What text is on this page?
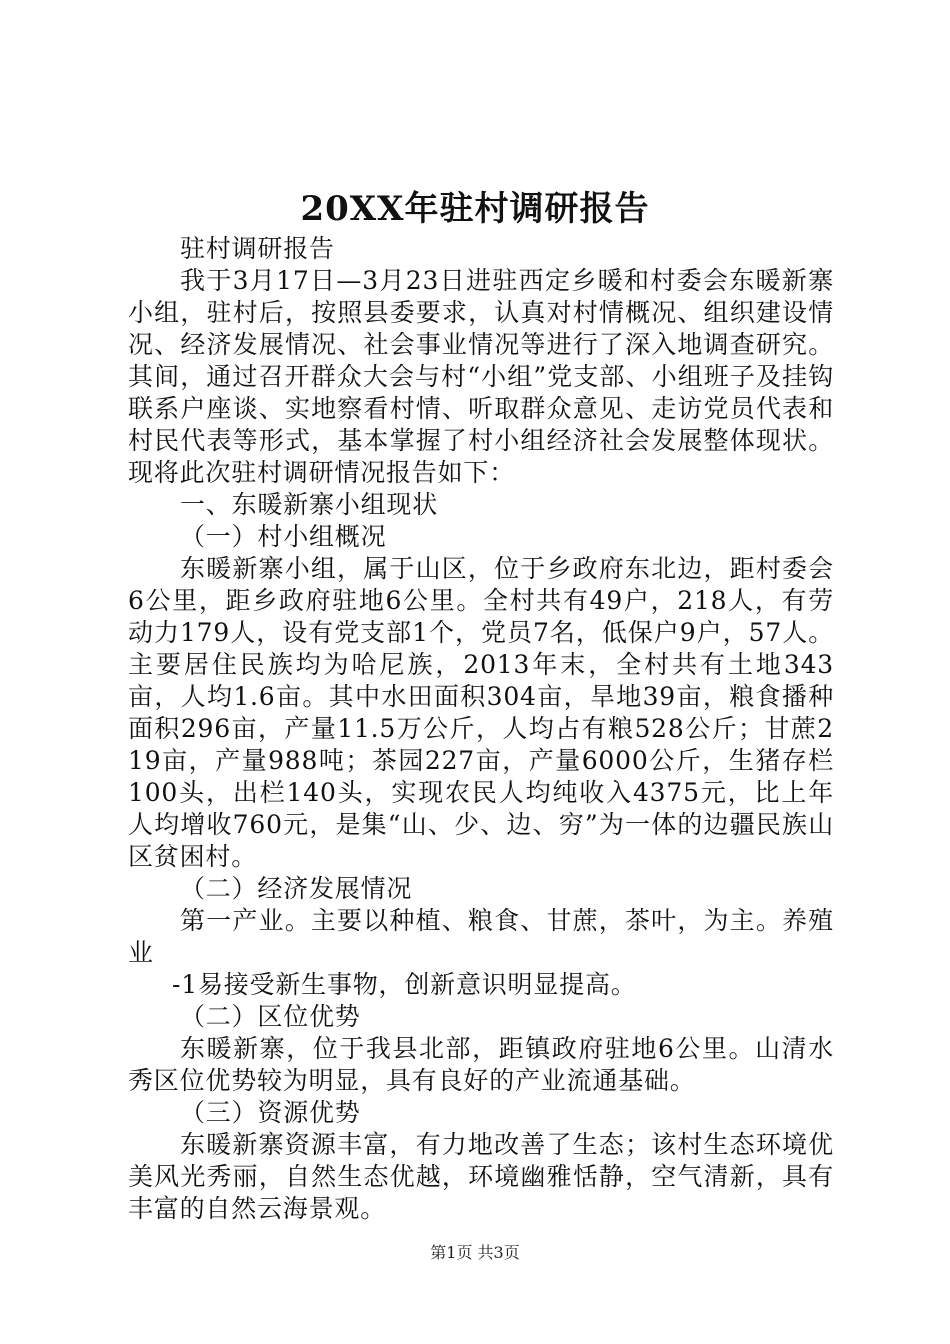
20XX年驻村调研报告

驻村调研报告

我于3月17日—3月23日进驻西定乡暖和村委会东暖新寨小组，驻村后，按照县委要求，认真对村情概况、组织建设情况、经济发展情况、社会事业情况等进行了深入地调查研究。其间，通过召开群众大会与村“小组”党支部、小组班子及挂钩联系户座谈、实地察看村情、听取群众意见、走访党员代表和村民代表等形式，基本掌握了村小组经济社会发展整体现状。现将此次驻村调研情况报告如下：

一、东暖新寨小组现状

（一）村小组概况

东暖新寨小组，属于山区，位于乡政府东北边，距村委会6公里，距乡政府驻地6公里。全村共有49户，218人，有劳动力179人，设有党支部1个，党员7名，低保户9户，57人。主要居住民族均为哈尼族，2013年末，全村共有土地343亩，人均1.6亩。其中水田面积304亩，旱地39亩，粮食播种面积296亩，产量11.5万公斤，人均占有粮528公斤；甘蔗219亩，产量988吨；茶园227亩，产量6000公斤，生猪存栏100头，出栏140头，实现农民人均纯收入4375元，比上年人均增收760元，是集“山、少、边、穷”为一体的边疆民族山区贫困村。

（二）经济发展情况

第一产业。主要以种植、粮食、甘蔗，茶叶，为主。养殖业

-1易接受新生事物，创新意识明显提高。

（二）区位优势

东暖新寨，位于我县北部，距镇政府驻地6公里。山清水秀区位优势较为明显，具有良好的产业流通基础。

（三）资源优势

东暖新寨资源丰富，有力地改善了生态；该村生态环境优美风光秀丽，自然生态优越，环境幽雅恬静，空气清新，具有丰富的自然云海景观。

第1页 共3页
